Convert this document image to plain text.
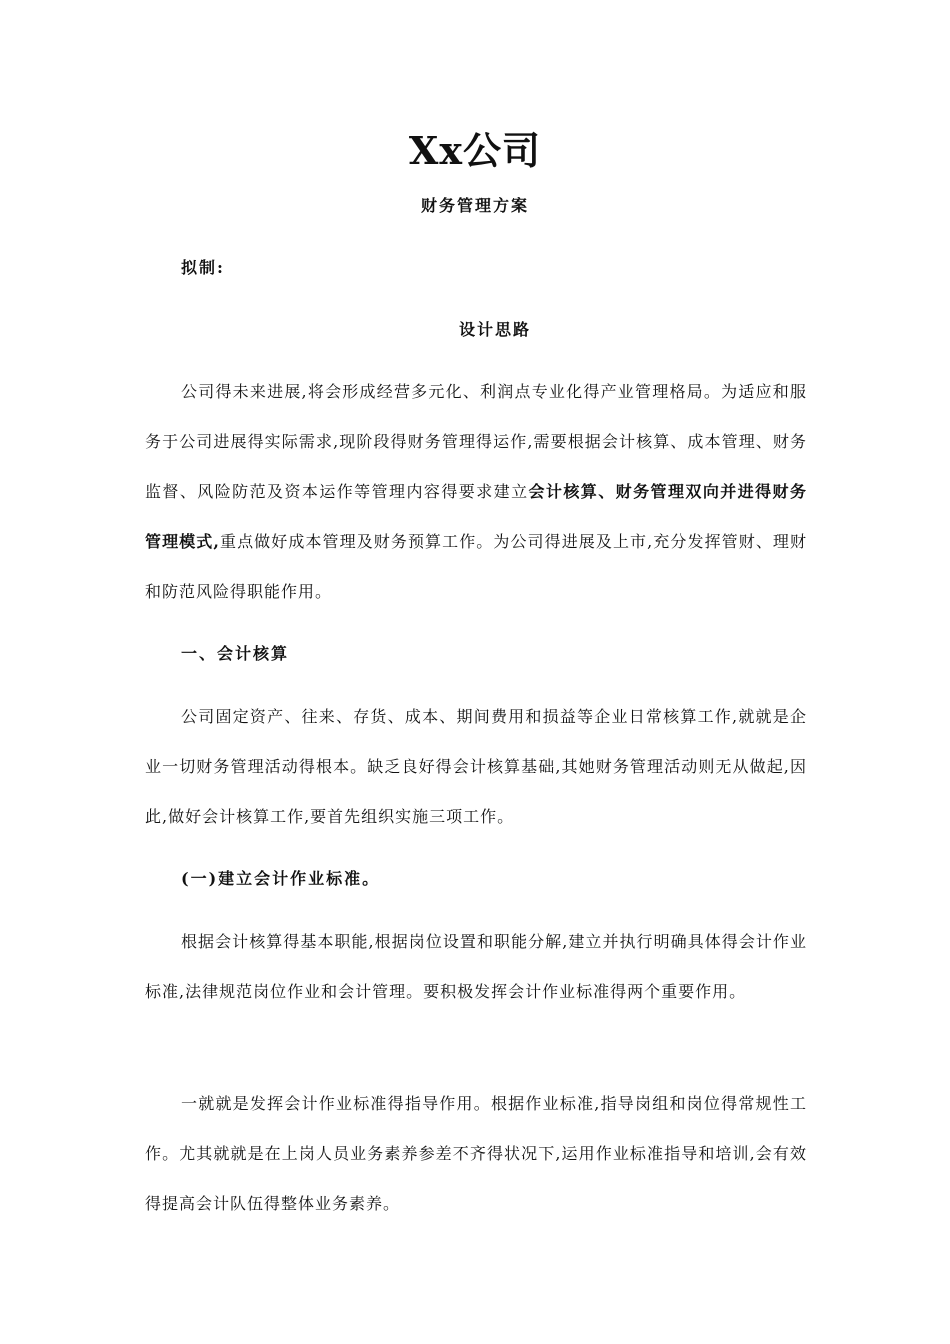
Xx公司
财务管理方案
拟制:
设计思路

公司得未来进展,将会形成经营多元化、利润点专业化得产业管理格局。为适应和服务于公司进展得实际需求,现阶段得财务管理得运作,需要根据会计核算、成本管理、财务监督、风险防范及资本运作等管理内容得要求建立会计核算、财务管理双向并进得财务管理模式,重点做好成本管理及财务预算工作。为公司得进展及上市,充分发挥管财、理财和防范风险得职能作用。

一、会计核算

公司固定资产、往来、存货、成本、期间费用和损益等企业日常核算工作,就就是企业一切财务管理活动得根本。缺乏良好得会计核算基础,其她财务管理活动则无从做起,因此,做好会计核算工作,要首先组织实施三项工作。

(一)建立会计作业标准。

根据会计核算得基本职能,根据岗位设置和职能分解,建立并执行明确具体得会计作业标准,法律规范岗位作业和会计管理。要积极发挥会计作业标准得两个重要作用。

一就就是发挥会计作业标准得指导作用。根据作业标准,指导岗组和岗位得常规性工作。尤其就就是在上岗人员业务素养参差不齐得状况下,运用作业标准指导和培训,会有效得提高会计队伍得整体业务素养。
